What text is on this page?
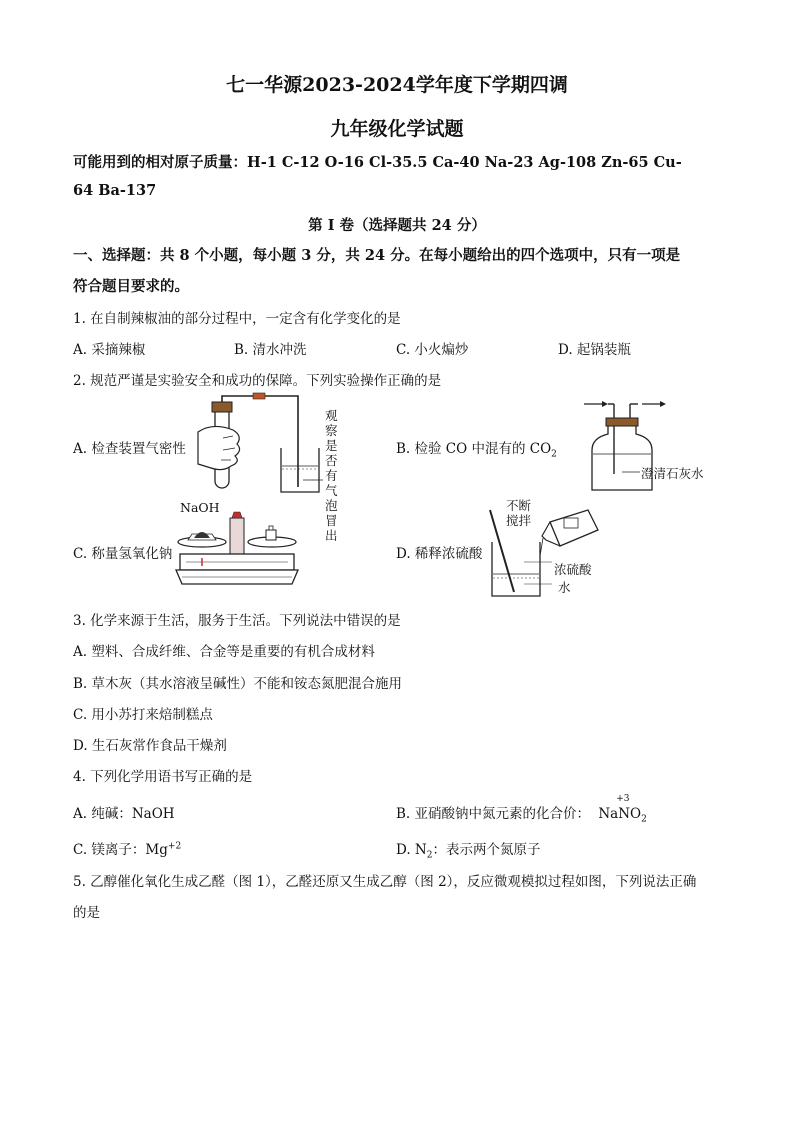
七一华源2023-2024学年度下学期四调
九年级化学试题
可能用到的相对原子质量：H-1 C-12 O-16 Cl-35.5 Ca-40 Na-23 Ag-108 Zn-65 Cu-
64 Ba-137
第 I 卷（选择题共 24 分）
一、选择题：共 8 个小题，每小题 3 分，共 24 分。在每小题给出的四个选项中，只有一项是
符合题目要求的。
1. 在自制辣椒油的部分过程中，一定含有化学变化的是
A. 采摘辣椒	B. 清水冲洗	C. 小火煸炒	D. 起锅装瓶
2. 规范严谨是实验安全和成功的保障。下列实验操作正确的是
A. 检查装置气密性
观察是否有气泡冒出
B. 检验 CO 中混有的 $CO_2$
澄清石灰水
C. 称量氢氧化钠
NaOH
D. 稀释浓硫酸
不断
搅拌
浓硫酸
水
3. 化学来源于生活，服务于生活。下列说法中错误的是
A. 塑料、合成纤维、合金等是重要的有机合成材料
B. 草木灰（其水溶液呈碱性）不能和铵态氮肥混合施用
C. 用小苏打来焙制糕点
D. 生石灰常作食品干燥剂
4. 下列化学用语书写正确的是
A. 纯碱：NaOH	B. 亚硝酸钠中氮元素的化合价： Na
+3
$NO_2$
C. 镁离子：$Mg^{+2}$	D. $N_2$：表示两个氮原子
5. 乙醇催化氧化生成乙醛（图 1），乙醛还原又生成乙醇（图 2），反应微观模拟过程如图，下列说法正确
的是
